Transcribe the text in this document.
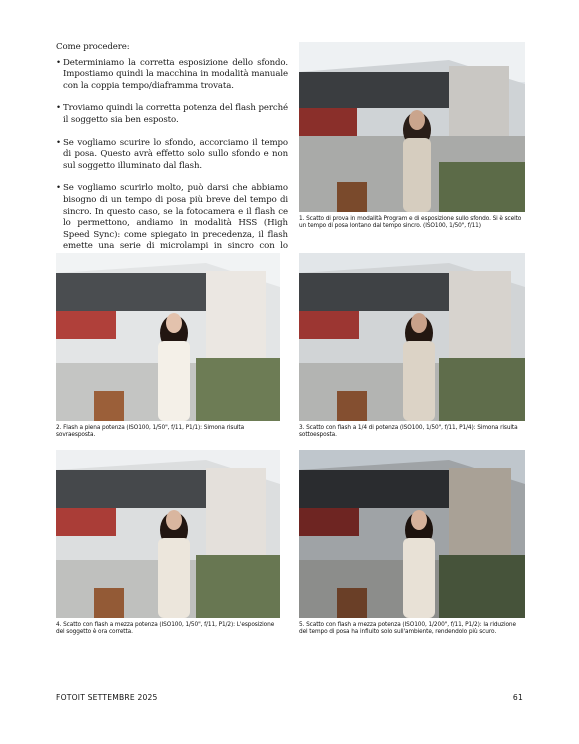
Come procedere:

• Determiniamo la corretta esposizione dello sfondo. Impostiamo quindi la macchina in modalità manuale con la coppia tempo/diaframma trovata.
• Troviamo quindi la corretta potenza del flash perché il soggetto sia ben esposto.
• Se vogliamo scurire lo sfondo, accorciamo il tempo di posa. Questo avrà effetto solo sullo sfondo e non sul soggetto illuminato dal flash.
• Se vogliamo scurirlo molto, può darsi che abbiamo bisogno di un tempo di posa più breve del tempo di sincro. In questo caso, se la fotocamera e il flash ce lo permettono, andiamo in modalità HSS (High Speed Sync): come spiegato in precedenza, il flash emette una serie di microlampi in sincro con lo
1. Scatto di prova in modalità Program e di esposizione sullo sfondo. Si è scelto un tempo di posa lontano dal tempo sincro. (ISO100, 1/50", f/11)
2. Flash a piena potenza (ISO100, 1/50", f/11, P1/1): Simona risulta sovraesposta.
3. Scatto con flash a 1/4 di potenza (ISO100, 1/50", f/11, P1/4): Simona risulta sottoesposta.
4. Scatto con flash a mezza potenza (ISO100, 1/50", f/11, P1/2): L'esposizione del soggetto è ora corretta.
5. Scatto con flash a mezza potenza (ISO100, 1/200", f/11, P1/2): la riduzione del tempo di posa ha influito solo sull'ambiente, rendendolo più scuro.
FOTOIT SETTEMBRE 2025	61
